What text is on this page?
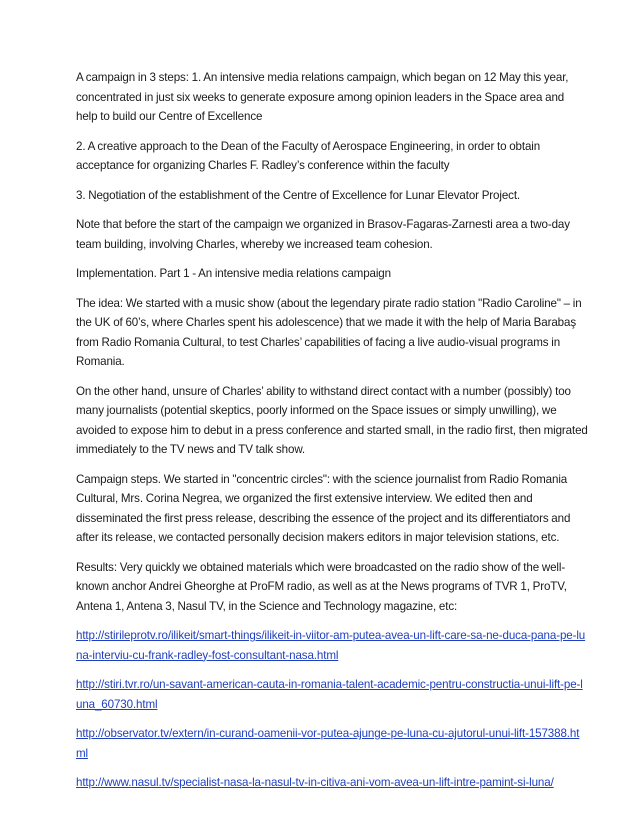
A campaign in 3 steps: 1. An intensive media relations campaign, which began on 12 May this year, concentrated in just six weeks to generate exposure among opinion leaders in the Space area and help to build our Centre of Excellence

2. A creative approach to the Dean of the Faculty of Aerospace Engineering, in order to obtain acceptance for organizing Charles F. Radley’s conference within the faculty

3. Negotiation of the establishment of the Centre of Excellence for Lunar Elevator Project.

Note that before the start of the campaign we organized in Brasov-Fagaras-Zarnesti area a two-day team building, involving Charles, whereby we increased team cohesion.

Implementation. Part 1 - An intensive media relations campaign

The idea: We started with a music show (about the legendary pirate radio station "Radio Caroline" – in the UK of 60’s, where Charles spent his adolescence) that we made it with the help of Maria Barabaş from Radio Romania Cultural, to test Charles’ capabilities of facing a live audio-visual programs in Romania.

On the other hand, unsure of Charles’ ability to withstand direct contact with a number (possibly) too many journalists (potential skeptics, poorly informed on the Space issues or simply unwilling), we avoided to expose him to debut in a press conference and started small, in the radio first, then migrated immediately to the TV news and TV talk show.

Campaign steps. We started in "concentric circles": with the science journalist from Radio Romania Cultural, Mrs. Corina Negrea, we organized the first extensive interview. We edited then and disseminated the first press release, describing the essence of the project and its differentiators and after its release, we contacted personally decision makers editors in major television stations, etc.

Results: Very quickly we obtained materials which were broadcasted on the radio show of the well-known anchor Andrei Gheorghe at ProFM radio, as well as at the News programs of TVR 1, ProTV, Antena 1, Antena 3, Nasul TV, in the Science and Technology magazine, etc:

http://stirileprotv.ro/ilikeit/smart-things/ilikeit-in-viitor-am-putea-avea-un-lift-care-sa-ne-duca-pana-pe-luna-interviu-cu-frank-radley-fost-consultant-nasa.html
http://stiri.tvr.ro/un-savant-american-cauta-in-romania-talent-academic-pentru-constructia-unui-lift-pe-luna_60730.html
http://observator.tv/extern/in-curand-oamenii-vor-putea-ajunge-pe-luna-cu-ajutorul-unui-lift-157388.html
http://www.nasul.tv/specialist-nasa-la-nasul-tv-in-citiva-ani-vom-avea-un-lift-intre-pamint-si-luna/
